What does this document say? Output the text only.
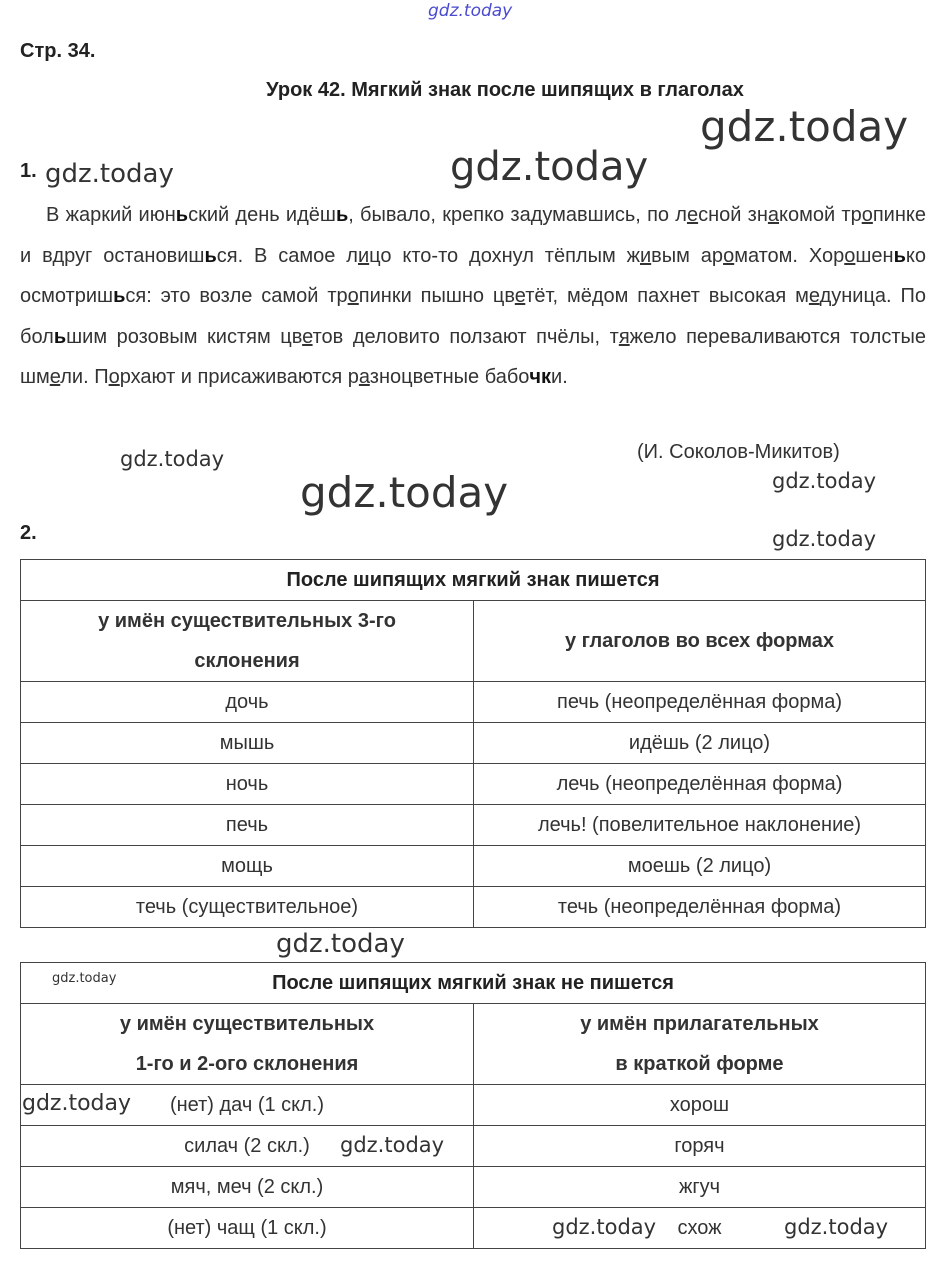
gdz.today
Стр. 34.
Урок 42. Мягкий знак после шипящих в глаголах
1.
В жаркий июньский день идёшь, бывало, крепко задумавшись, по лесной знакомой тропинке и вдруг остановишься. В самое лицо кто-то дохнул тёплым живым ароматом. Хорошенько осмотришься: это возле самой тропинки пышно цветёт, мёдом пахнет высокая медуница. По большим розовым кистям цветов деловито ползают пчёлы, тяжело переваливаются толстые шмели. Порхают и присаживаются разноцветные бабочки.
(И. Соколов-Микитов)
2.
После шипящих мягкий знак пишется	
у имён существительных 3-го
склонения	у глаголов во всех формах
дочь	печь (неопределённая форма)
мышь	идёшь (2 лицо)
ночь	лечь (неопределённая форма)
печь	лечь! (повелительное наклонение)
мощь	моешь (2 лицо)
течь (существительное)	течь (неопределённая форма)
После шипящих мягкий знак не пишется	
у имён существительных
1-го и 2-ого склонения	у имён прилагательных
в краткой форме
(нет) дач (1 скл.)	хорош
силач (2 скл.)	горяч
мяч, меч (2 скл.)	жгуч
(нет) чащ (1 скл.)	схож
gdz.today	gdz.today
gdz.today
gdz.today
gdz.today
gdz.today
gdz.today
gdz.today
gdz.today
gdz.today
gdz.today
gdz.today	gdz.today
